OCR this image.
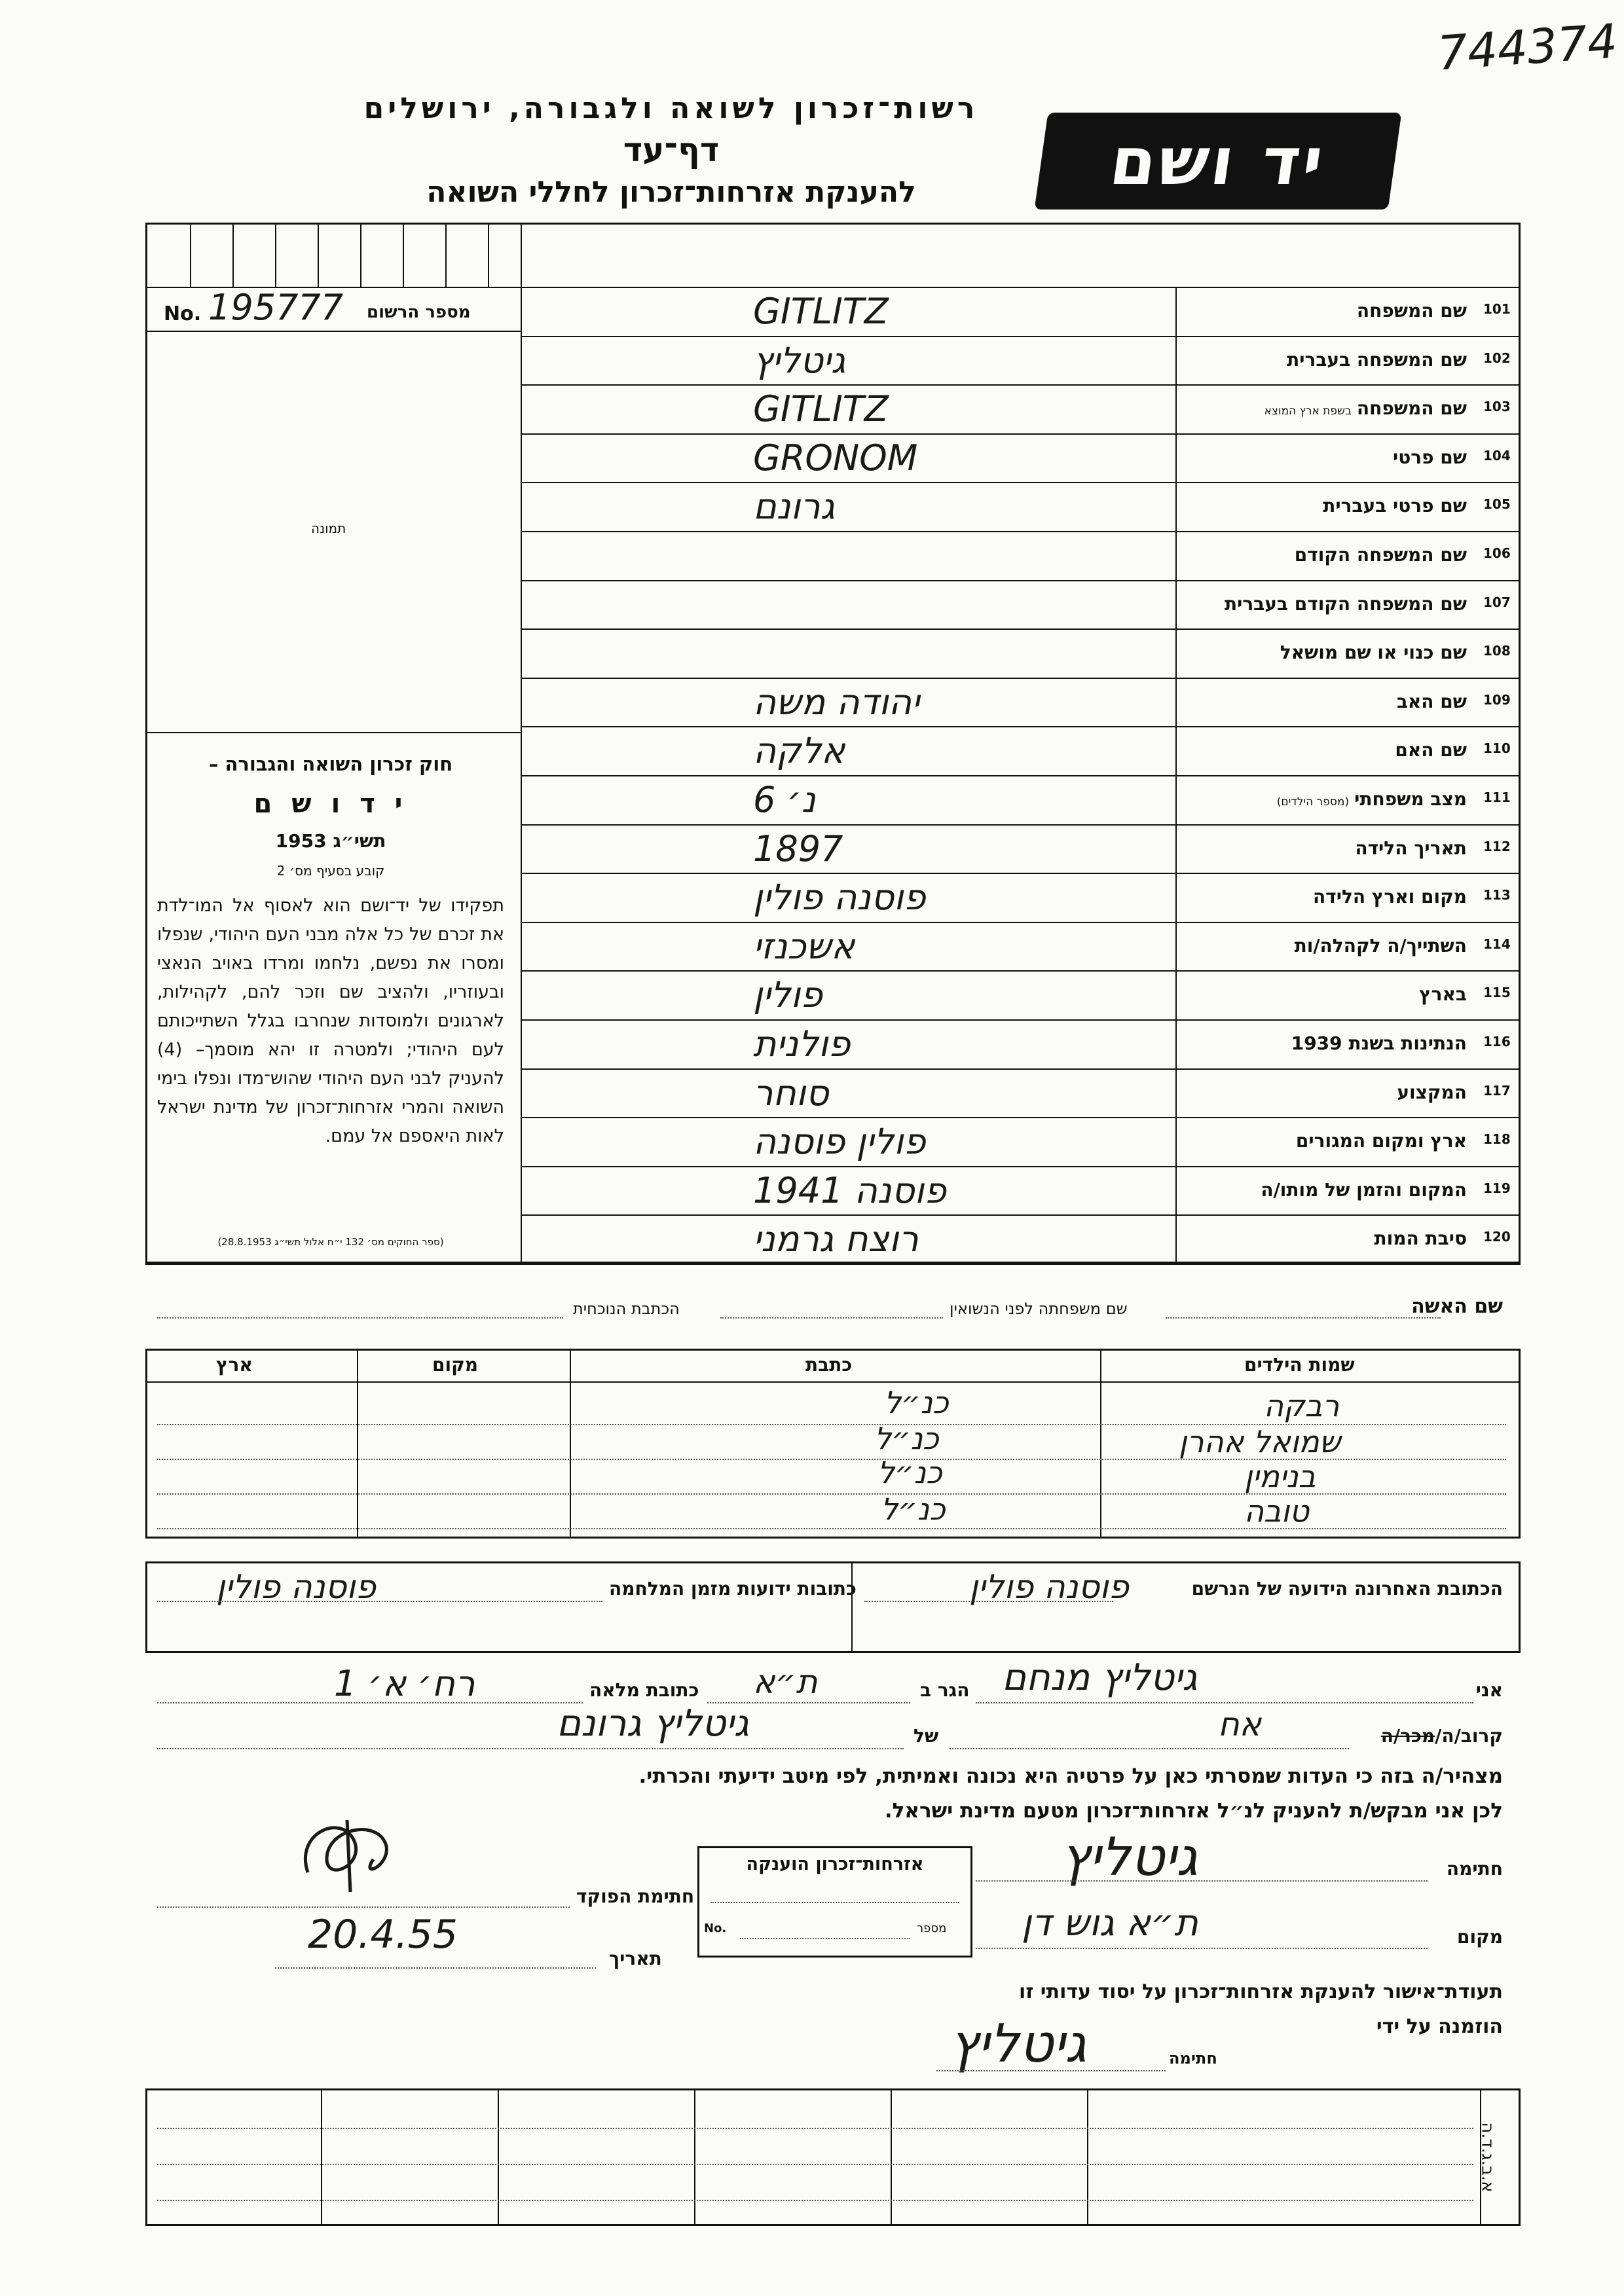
744374
רשות־זכרון לשואה ולגבורה, ירושלים
דף־עד
להענקת אזרחות־זכרון לחללי השואה	יד ושם
No. 195777 מספר הרשום
תמונה
חוק זכרון השואה והגבורה –
י ד ו ש ם
תשי״ג 1953
קובע בסעיף מס׳ 2
תפקידו של יד־ושם הוא לאסוף אל המו־לדת את זכרם של כל אלה מבני העם היהודי, שנפלו ומסרו את נפשם, נלחמו ומרדו באויב הנאצי ובעוזריו, ולהציב שם וזכר להם, לקהילות, לארגונים ולמוסדות שנחרבו בגלל השתייכותם לעם היהודי; ולמטרה זו יהא מוסמך– (4) להעניק לבני העם היהודי שהוש־מדו ונפלו בימי השואה והמרי אזרחות־זכרון של מדינת ישראל לאות היאספם אל עמם.
(ספר החוקים מס׳ 132 י״ח אלול תשי״ג 28.8.1953)
101
שם המשפחה
GITLITZ
102
שם המשפחה בעברית
גיטליץ
103
שם המשפחהבשפת ארץ המוצא
GITLITZ
104
שם פרטי
GRONOM
105
שם פרטי בעברית
גרונם
106
שם המשפחה הקודם
107
שם המשפחה הקודם בעברית
108
שם כנוי או שם מושאל
109
שם האב
יהודה משה
110
שם האם
אלקה
111
מצב משפחתי(מספר הילדים)
נ׳ 6
112
תאריך הלידה
1897
113
מקום וארץ הלידה
פוסנה פולין
114
השתייך/ה לקהלה/ות
אשכנזי
115
בארץ
פולין
116
הנתינות בשנת 1939
פולנית
117
המקצוע
סוחר
118
ארץ ומקום המגורים
פולין פוסנה
119
המקום והזמן של מותו/ה
פוסנה 1941
120
סיבת המות
רוצח גרמני
שם האשה
שם משפחתה לפני הנשואין
הכתבת הנוכחית
שמות הילדים
כתבת
מקום
ארץ
רבקה
שמואל אהרן
בנימין
טובה
כנ״ל
כנ״ל
כנ״ל
כנ״ל
הכתובת האחרונה הידועה של הנרשם
פוסנה פולין
כתובות ידועות מזמן המלחמה
פוסנה פולין
אני
גיטליץ מנחם
הגר ב
ת״א
כתובת מלאה
רח׳ א׳ 1
קרוב/ה/מכר/ה
אח
של
גיטליץ גרונם
מצהיר/ה בזה כי העדות שמסרתי כאן על פרטיה היא נכונה ואמיתית, לפי מיטב ידיעתי והכרתי.
לכן אני מבקש/ת להעניק לנ״ל אזרחות־זכרון מטעם מדינת ישראל.
חתימה
גיטליץ
מקום
ת״א גוש דן
אזרחות־זכרון הוענקה
No.	מספר
חתימת הפוקד
תאריך
20.4.55
תעודת־אישור להענקת אזרחות־זכרון על יסוד עדותי זו
הוזמנה על ידי
חתימה
גיטליץ
א.ב.ג.ד.ה
